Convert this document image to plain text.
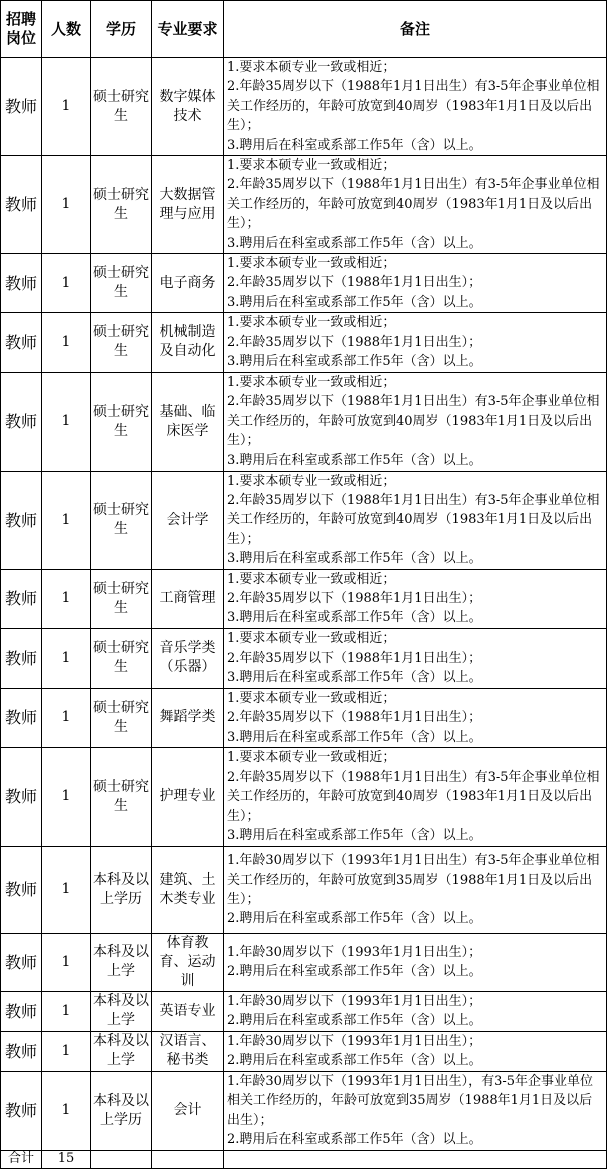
招聘岗位	人数	学历	专业要求	备注
教师	1	硕士研究生	数字媒体技术	1.要求本硕专业一致或相近；
2.年龄35周岁以下（1988年1月1日出生）有3-5年企事业单位相关工作经历的，年龄可放宽到40周岁（1983年1月1日及以后出生）；
3.聘用后在科室或系部工作5年（含）以上。

教师	1	硕士研究生	大数据管理与应用	1.要求本硕专业一致或相近；
2.年龄35周岁以下（1988年1月1日出生）有3-5年企事业单位相关工作经历的，年龄可放宽到40周岁（1983年1月1日及以后出生）；
3.聘用后在科室或系部工作5年（含）以上。

教师	1	硕士研究生	电子商务	1.要求本硕专业一致或相近；
2.年龄35周岁以下（1988年1月1日出生）；
3.聘用后在科室或系部工作5年（含）以上。

教师	1	硕士研究生	机械制造及自动化	1.要求本硕专业一致或相近；
2.年龄35周岁以下（1988年1月1日出生）；
3.聘用后在科室或系部工作5年（含）以上。

教师	1	硕士研究生	基础、临床医学	1.要求本硕专业一致或相近；
2.年龄35周岁以下（1988年1月1日出生）有3-5年企事业单位相关工作经历的，年龄可放宽到40周岁（1983年1月1日及以后出生）；
3.聘用后在科室或系部工作5年（含）以上。

教师	1	硕士研究生	会计学	1.要求本硕专业一致或相近；
2.年龄35周岁以下（1988年1月1日出生）有3-5年企事业单位相关工作经历的，年龄可放宽到40周岁（1983年1月1日及以后出生）；
3.聘用后在科室或系部工作5年（含）以上。

教师	1	硕士研究生	工商管理	1.要求本硕专业一致或相近；
2.年龄35周岁以下（1988年1月1日出生）；
3.聘用后在科室或系部工作5年（含）以上。

教师	1	硕士研究生	音乐学类（乐器）	1.要求本硕专业一致或相近；
2.年龄35周岁以下（1988年1月1日出生）；
3.聘用后在科室或系部工作5年（含）以上。

教师	1	硕士研究生	舞蹈学类	1.要求本硕专业一致或相近；
2.年龄35周岁以下（1988年1月1日出生）；
3.聘用后在科室或系部工作5年（含）以上。

教师	1	硕士研究生	护理专业	1.要求本硕专业一致或相近；
2.年龄35周岁以下（1988年1月1日出生）有3-5年企事业单位相关工作经历的，年龄可放宽到40周岁（1983年1月1日及以后出生）；
3.聘用后在科室或系部工作5年（含）以上。

教师	1	本科及以上学历	建筑、土木类专业	1.年龄30周岁以下（1993年1月1日出生）有3-5年企事业单位相关工作经历的，年龄可放宽到35周岁（1988年1月1日及以后出生）；
2.聘用后在科室或系部工作5年（含）以上。

教师	1	本科及以上学	体育教育、运动训	1.年龄30周岁以下（1993年1月1日出生）；
2.聘用后在科室或系部工作5年（含）以上。

教师	1	本科及以上学	英语专业	1.年龄30周岁以下（1993年1月1日出生）；
2.聘用后在科室或系部工作5年（含）以上。

教师	1	本科及以上学	汉语言、秘书类	1.年龄30周岁以下（1993年1月1日出生）；
2.聘用后在科室或系部工作5年（含）以上。

教师	1	本科及以上学历	会计	1.年龄30周岁以下（1993年1月1日出生），有3-5年企事业单位相关工作经历的，年龄可放宽到35周岁（1988年1月1日及以后出生）；
2.聘用后在科室或系部工作5年（含）以上。

合计	15			
